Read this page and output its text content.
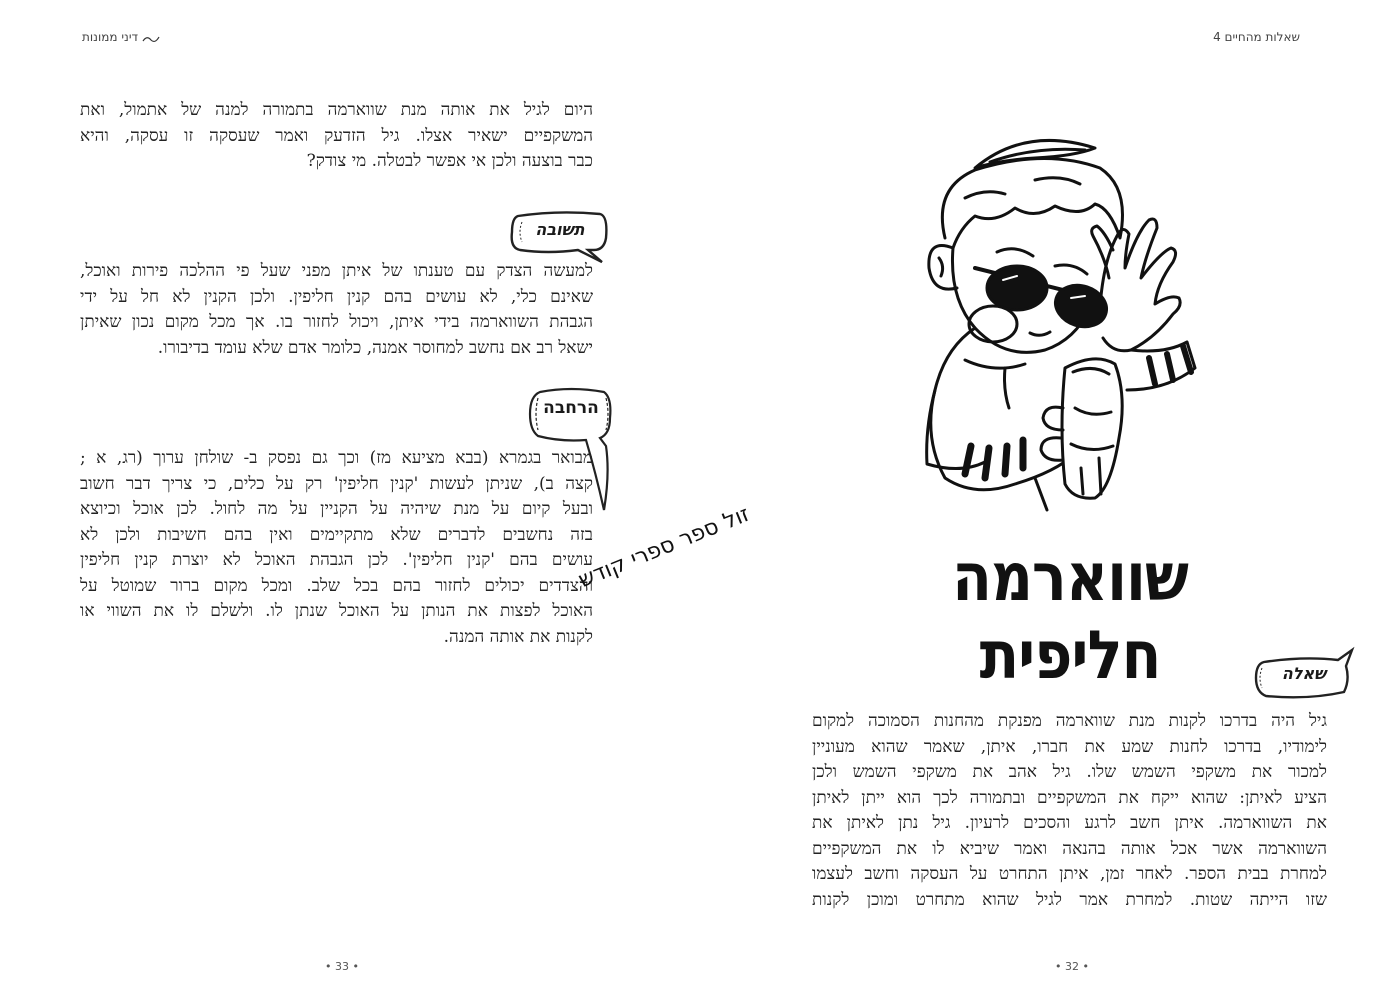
דיני ממונות
היום לגיל את אותה מנת שווארמה בתמורה למנה של אתמול, ואת
המשקפיים ישאיר אצלו. גיל הזדעק ואמר שעסקה זו עסקה, והיא
כבר בוצעה ולכן אי אפשר לבטלה. מי צודק?
תשובה
למעשה הצדק עם טענתו של איתן מפני שעל פי ההלכה פירות ואוכל,
שאינם כלי, לא עושים בהם קנין חליפין. ולכן הקנין לא חל על ידי
הגבהת השווארמה בידי איתן, ויכול לחזור בו. אך מכל מקום נכון שאיתן
ישאל רב אם נחשב למחוסר אמנה, כלומר אדם שלא עומד בדיבורו.
הרחבה
מבואר בגמרא (בבא מציעא מז) וכך גם נפסק ב- שולחן ערוך (רג, א ;
קצה ב), שניתן לעשות 'קנין חליפין' רק על כלים, כי צריך דבר חשוב
ובעל קיום על מנת שיהיה על הקניין על מה לחול. לכן אוכל וכיוצא
בזה נחשבים לדברים שלא מתקיימים ואין בהם חשיבות ולכן לא
עושים בהם 'קנין חליפין'. לכן הגבהת האוכל לא יוצרת קנין חליפין
והצדדים יכולים לחזור בהם בכל שלב. ומכל מקום ברור שמוטל על
האוכל לפצות את הנותן על האוכל שנתן לו. ולשלם לו את השווי או
לקנות את אותה המנה.
• 33 •
שאלות מהחיים 4
שווארמה חליפית	שאלה
גיל היה בדרכו לקנות מנת שווארמה מפנקת מהחנות הסמוכה למקום
לימודיו, בדרכו לחנות שמע את חברו, איתן, שאמר שהוא מעוניין
למכור את משקפי השמש שלו. גיל אהב את משקפי השמש ולכן
הציע לאיתן: שהוא ייקח את המשקפיים ובתמורה לכך הוא ייתן לאיתן
את השווארמה. איתן חשב לרגע והסכים לרעיון. גיל נתן לאיתן את
השווארמה אשר אכל אותה בהנאה ואמר שיביא לו את המשקפיים
למחרת בבית הספר. לאחר זמן, איתן התחרט על העסקה וחשב לעצמו
שזו הייתה שטות. למחרת אמר לגיל שהוא מתחרט ומוכן לקנות
• 32 •
זול ספר ספרי קודש
